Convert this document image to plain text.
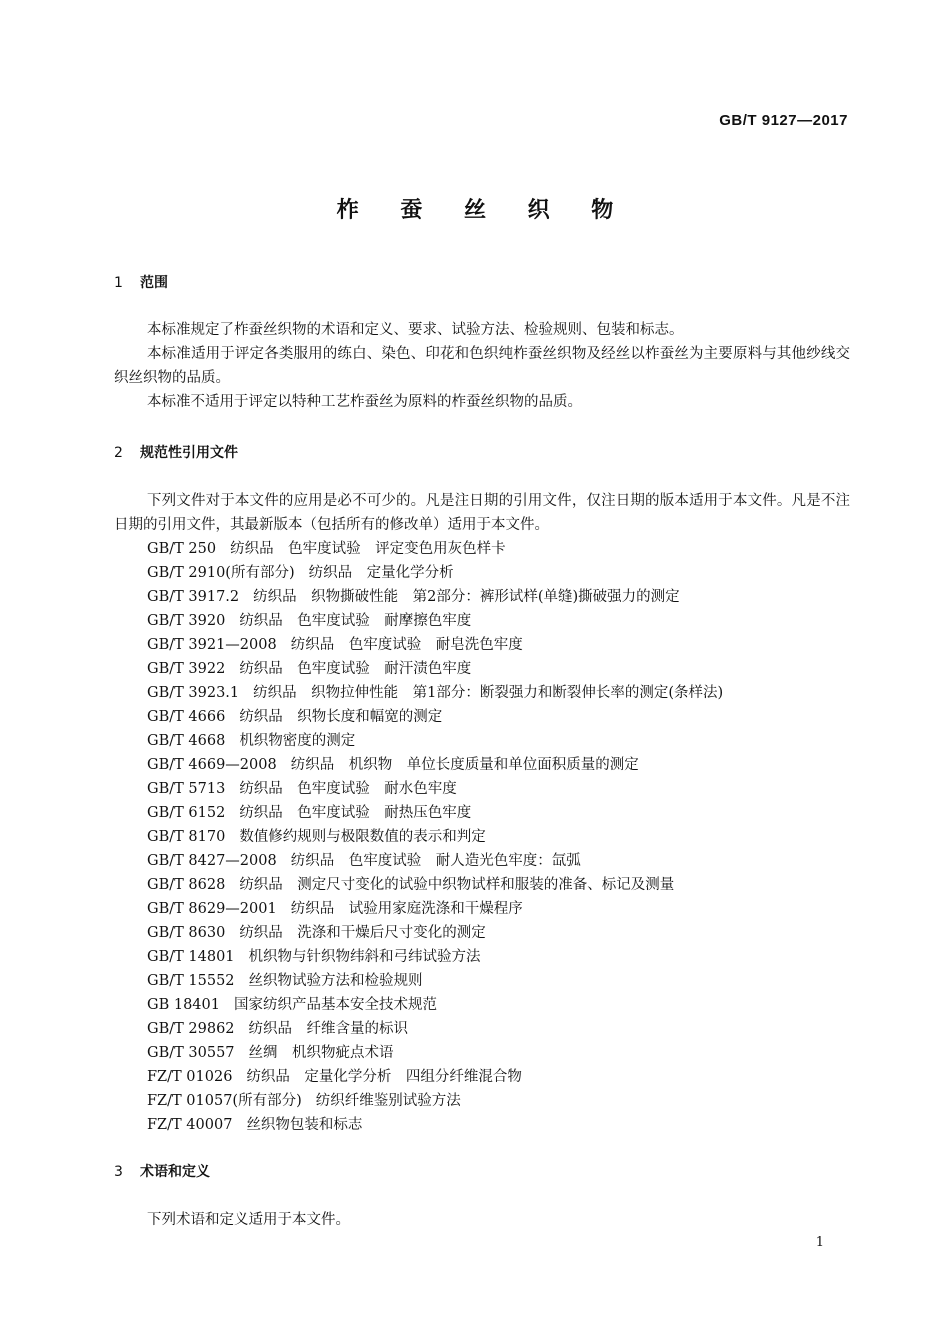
GB/T 9127—2017
柞 蚕 丝 织 物
1 范围
本标准规定了柞蚕丝织物的术语和定义、要求、试验方法、检验规则、包装和标志。
本标准适用于评定各类服用的练白、染色、印花和色织纯柞蚕丝织物及经丝以柞蚕丝为主要原料与其他纱线交织丝织物的品质。
本标准不适用于评定以特种工艺柞蚕丝为原料的柞蚕丝织物的品质。
2 规范性引用文件
下列文件对于本文件的应用是必不可少的。凡是注日期的引用文件，仅注日期的版本适用于本文件。凡是不注日期的引用文件，其最新版本（包括所有的修改单）适用于本文件。
GB/T 250 纺织品　色牢度试验　评定变色用灰色样卡
GB/T 2910(所有部分) 纺织品　定量化学分析
GB/T 3917.2 纺织品　织物撕破性能　第2部分：裤形试样(单缝)撕破强力的测定
GB/T 3920 纺织品　色牢度试验　耐摩擦色牢度
GB/T 3921—2008 纺织品　色牢度试验　耐皂洗色牢度
GB/T 3922 纺织品　色牢度试验　耐汗渍色牢度
GB/T 3923.1 纺织品　织物拉伸性能　第1部分：断裂强力和断裂伸长率的测定(条样法)
GB/T 4666 纺织品　织物长度和幅宽的测定
GB/T 4668 机织物密度的测定
GB/T 4669—2008 纺织品　机织物　单位长度质量和单位面积质量的测定
GB/T 5713 纺织品　色牢度试验　耐水色牢度
GB/T 6152 纺织品　色牢度试验　耐热压色牢度
GB/T 8170 数值修约规则与极限数值的表示和判定
GB/T 8427—2008 纺织品　色牢度试验　耐人造光色牢度：氙弧
GB/T 8628 纺织品　测定尺寸变化的试验中织物试样和服装的准备、标记及测量
GB/T 8629—2001 纺织品　试验用家庭洗涤和干燥程序
GB/T 8630 纺织品　洗涤和干燥后尺寸变化的测定
GB/T 14801 机织物与针织物纬斜和弓纬试验方法
GB/T 15552 丝织物试验方法和检验规则
GB 18401 国家纺织产品基本安全技术规范
GB/T 29862 纺织品　纤维含量的标识
GB/T 30557 丝绸　机织物疵点术语
FZ/T 01026 纺织品　定量化学分析　四组分纤维混合物
FZ/T 01057(所有部分) 纺织纤维鉴别试验方法
FZ/T 40007 丝织物包装和标志
3 术语和定义
下列术语和定义适用于本文件。
1
